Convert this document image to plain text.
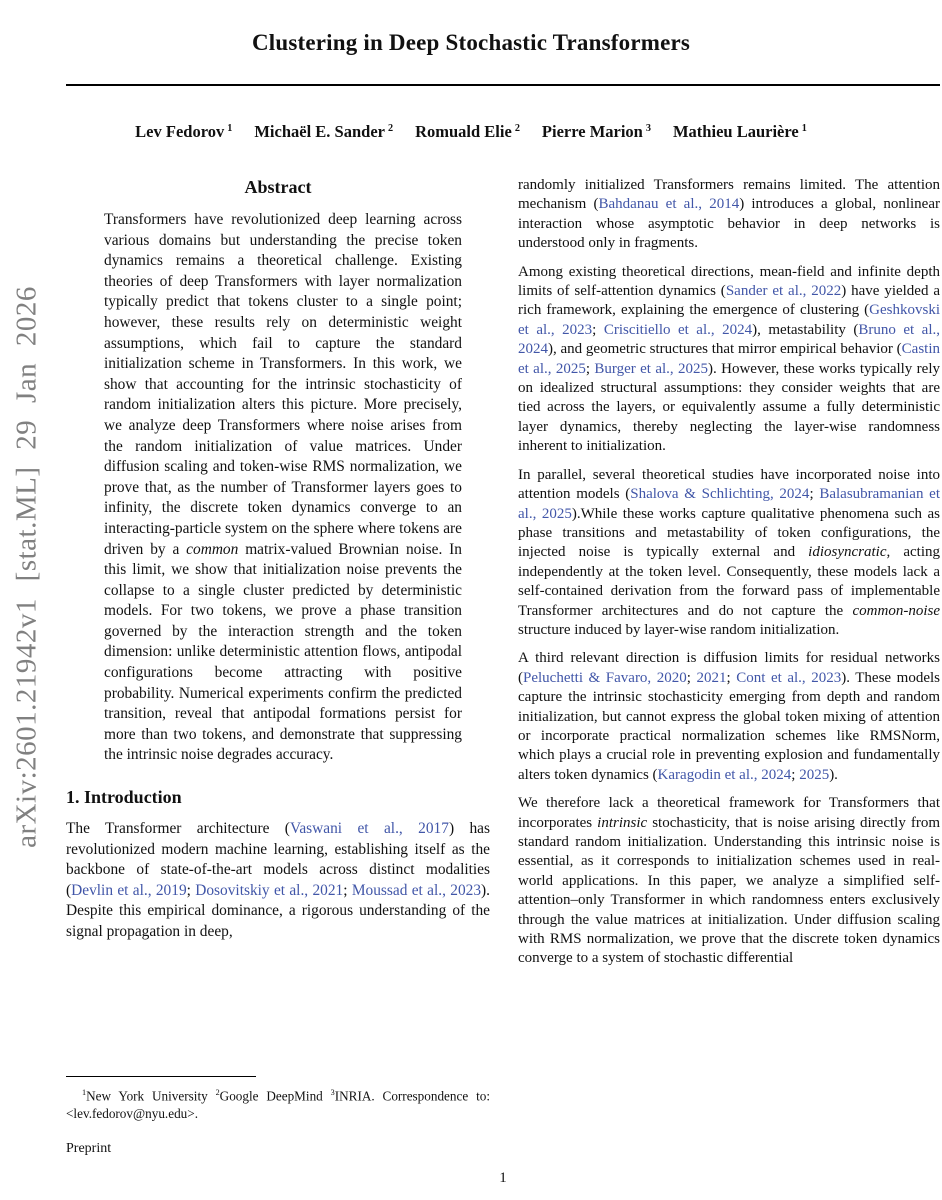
arXiv:2601.21942v1 [stat.ML] 29 Jan 2026
Clustering in Deep Stochastic Transformers
Lev Fedorov $^1$ Michaël E. Sander $^2$ Romuald Elie $^2$ Pierre Marion $^3$ Mathieu Laurière $^1$
Abstract

Transformers have revolutionized deep learning across various domains but understanding the precise token dynamics remains a theoretical challenge. Existing theories of deep Transformers with layer normalization typically predict that tokens cluster to a single point; however, these results rely on deterministic weight assumptions, which fail to capture the standard initialization scheme in Transformers. In this work, we show that accounting for the intrinsic stochasticity of random initialization alters this picture. More precisely, we analyze deep Transformers where noise arises from the random initialization of value matrices. Under diffusion scaling and token-wise RMS normalization, we prove that, as the number of Transformer layers goes to infinity, the discrete token dynamics converge to an interacting-particle system on the sphere where tokens are driven by a common matrix-valued Brownian noise. In this limit, we show that initialization noise prevents the collapse to a single cluster predicted by deterministic models. For two tokens, we prove a phase transition governed by the interaction strength and the token dimension: unlike deterministic attention flows, antipodal configurations become attracting with positive probability. Numerical experiments confirm the predicted transition, reveal that antipodal formations persist for more than two tokens, and demonstrate that suppressing the intrinsic noise degrades accuracy.

1. Introduction

The Transformer architecture (Vaswani et al., 2017) has revolutionized modern machine learning, establishing itself as the backbone of state-of-the-art models across distinct modalities (Devlin et al., 2019; Dosovitskiy et al., 2021; Moussad et al., 2023). Despite this empirical dominance, a rigorous understanding of the signal propagation in deep,

randomly initialized Transformers remains limited. The attention mechanism (Bahdanau et al., 2014) introduces a global, nonlinear interaction whose asymptotic behavior in deep networks is understood only in fragments.

Among existing theoretical directions, mean-field and infinite depth limits of self-attention dynamics (Sander et al., 2022) have yielded a rich framework, explaining the emergence of clustering (Geshkovski et al., 2023; Criscitiello et al., 2024), metastability (Bruno et al., 2024), and geometric structures that mirror empirical behavior (Castin et al., 2025; Burger et al., 2025). However, these works typically rely on idealized structural assumptions: they consider weights that are tied across the layers, or equivalently assume a fully deterministic layer dynamics, thereby neglecting the layer-wise randomness inherent to initialization.

In parallel, several theoretical studies have incorporated noise into attention models (Shalova & Schlichting, 2024; Balasubramanian et al., 2025).While these works capture qualitative phenomena such as phase transitions and metastability of token configurations, the injected noise is typically external and idiosyncratic, acting independently at the token level. Consequently, these models lack a self-contained derivation from the forward pass of implementable Transformer architectures and do not capture the common-noise structure induced by layer-wise random initialization.

A third relevant direction is diffusion limits for residual networks (Peluchetti & Favaro, 2020; 2021; Cont et al., 2023). These models capture the intrinsic stochasticity emerging from depth and random initialization, but cannot express the global token mixing of attention or incorporate practical normalization schemes like RMSNorm, which plays a crucial role in preventing explosion and fundamentally alters token dynamics (Karagodin et al., 2024; 2025).

We therefore lack a theoretical framework for Transformers that incorporates intrinsic stochasticity, that is noise arising directly from standard random initialization. Understanding this intrinsic noise is essential, as it corresponds to initialization schemes used in real-world applications. In this paper, we analyze a simplified self-attention–only Transformer in which randomness enters exclusively through the value matrices at initialization. Under diffusion scaling with RMS normalization, we prove that the discrete token dynamics converge to a system of stochastic differential

$^1$New York University $^2$Google DeepMind $^3$INRIA. Correspondence to: <lev.fedorov@nyu.edu>.
Preprint
1
